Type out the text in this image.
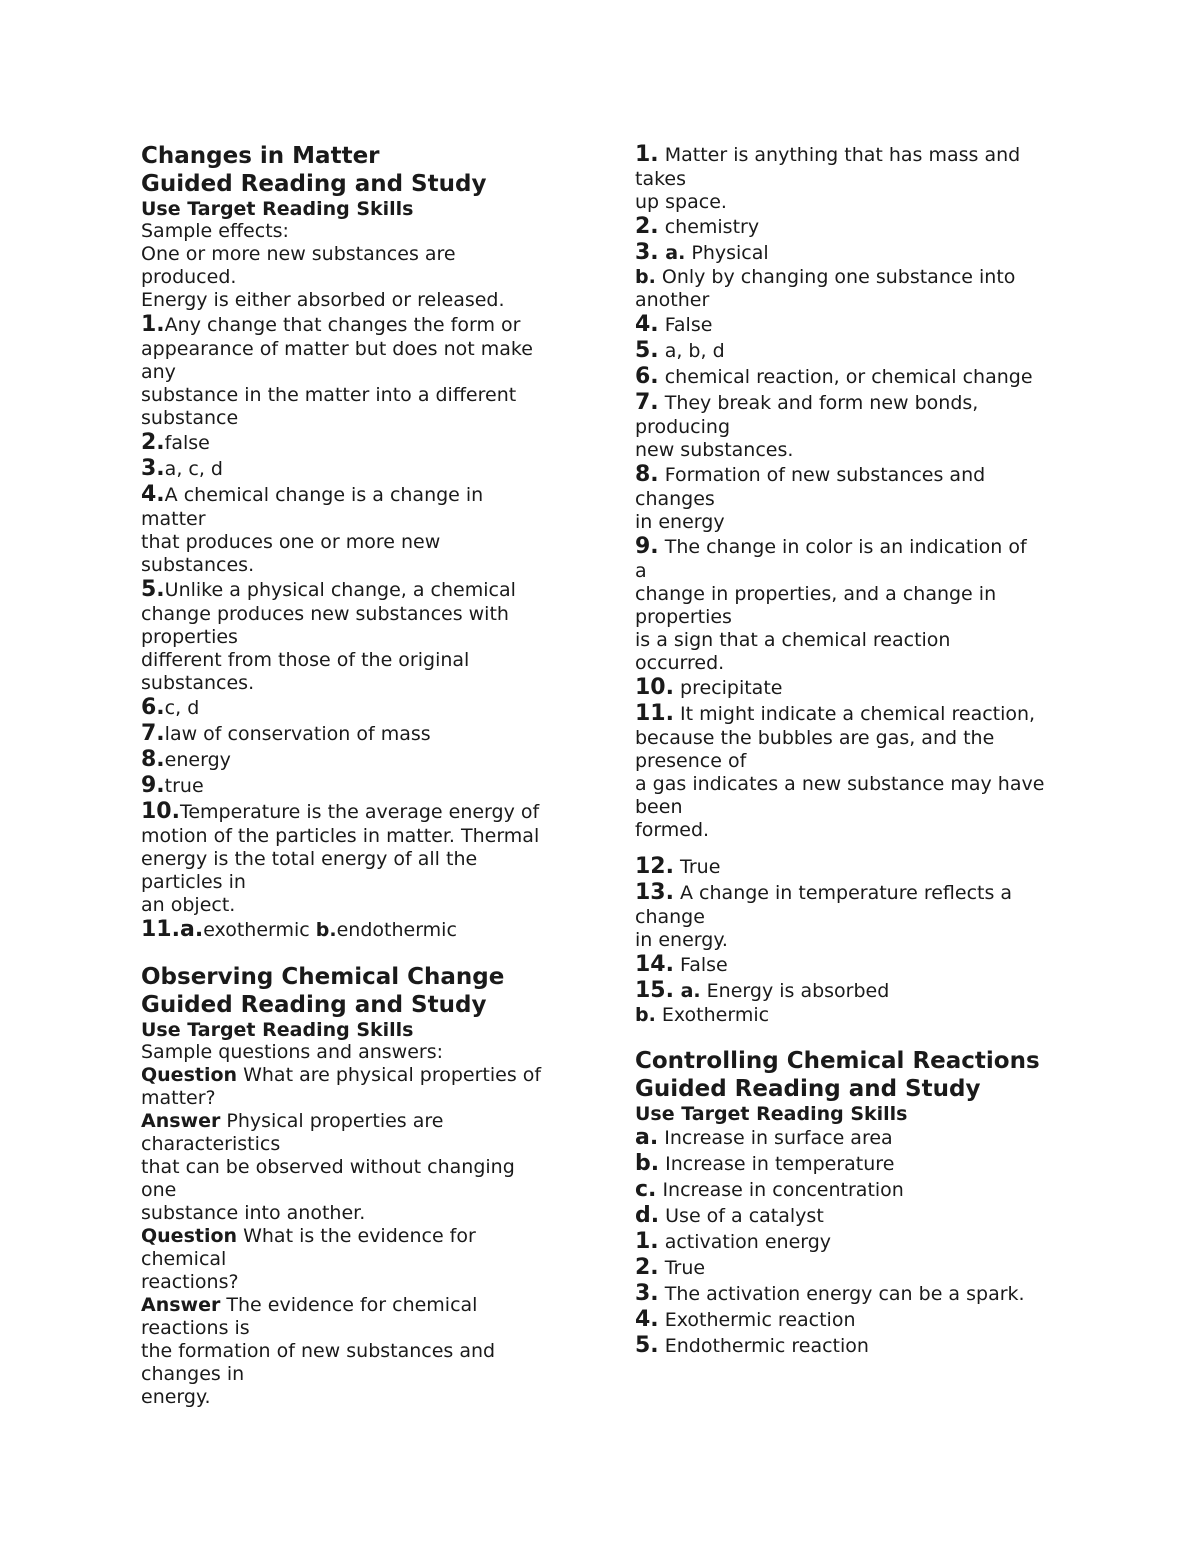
Changes in Matter
Guided Reading and Study
Use Target Reading Skills
Sample effects:
One or more new substances are
produced.
Energy is either absorbed or released.
1.Any change that changes the form or
appearance of matter but does not make
any
substance in the matter into a different
substance
2.false
3.a, c, d
4.A chemical change is a change in
matter
that produces one or more new
substances.
5.Unlike a physical change, a chemical
change produces new substances with
properties
different from those of the original
substances.
6.c, d
7.law of conservation of mass
8.energy
9.true
10.Temperature is the average energy of
motion of the particles in matter. Thermal
energy is the total energy of all the
particles in
an object.
11.a.exothermic b.endothermic
Observing Chemical Change
Guided Reading and Study
Use Target Reading Skills
Sample questions and answers:
Question What are physical properties of
matter?
Answer Physical properties are
characteristics
that can be observed without changing
one
substance into another.
Question What is the evidence for
chemical
reactions?
Answer The evidence for chemical
reactions is
the formation of new substances and
changes in
energy.
1. Matter is anything that has mass and
takes
up space.
2. chemistry
3. a. Physical
b. Only by changing one substance into
another
4. False
5. a, b, d
6. chemical reaction, or chemical change
7. They break and form new bonds,
producing
new substances.
8. Formation of new substances and
changes
in energy
9. The change in color is an indication of
a
change in properties, and a change in
properties
is a sign that a chemical reaction
occurred.
10. precipitate
11. It might indicate a chemical reaction,
because the bubbles are gas, and the
presence of
a gas indicates a new substance may have
been
formed.
12. True
13. A change in temperature reflects a
change
in energy.
14. False
15. a. Energy is absorbed
b. Exothermic
Controlling Chemical Reactions
Guided Reading and Study
Use Target Reading Skills
a. Increase in surface area
b. Increase in temperature
c. Increase in concentration
d. Use of a catalyst
1. activation energy
2. True
3. The activation energy can be a spark.
4. Exothermic reaction
5. Endothermic reaction
